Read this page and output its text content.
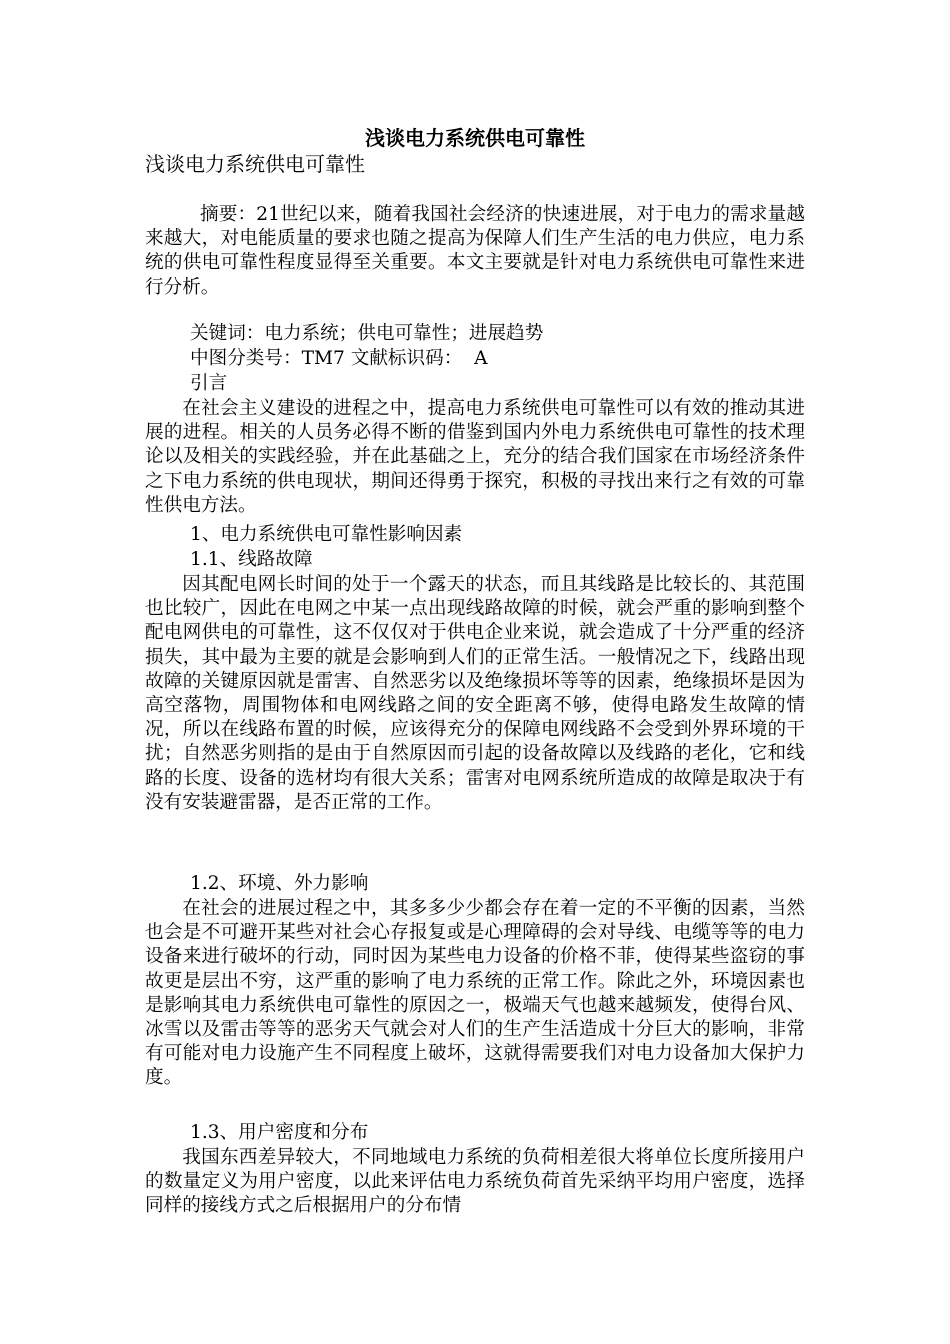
浅谈电力系统供电可靠性

浅谈电力系统供电可靠性

摘要：21世纪以来，随着我国社会经济的快速进展，对于电力的需求量越来越大，对电能质量的要求也随之提高为保障人们生产生活的电力供应，电力系统的供电可靠性程度显得至关重要。本文主要就是针对电力系统供电可靠性来进行分析。

关键词：电力系统；供电可靠性；进展趋势

中图分类号：TM7 文献标识码：  A

引言

在社会主义建设的进程之中，提高电力系统供电可靠性可以有效的推动其进展的进程。相关的人员务必得不断的借鉴到国内外电力系统供电可靠性的技术理论以及相关的实践经验，并在此基础之上，充分的结合我们国家在市场经济条件之下电力系统的供电现状，期间还得勇于探究，积极的寻找出来行之有效的可靠性供电方法。

1、电力系统供电可靠性影响因素

1.1、线路故障

因其配电网长时间的处于一个露天的状态，而且其线路是比较长的、其范围也比较广，因此在电网之中某一点出现线路故障的时候，就会严重的影响到整个配电网供电的可靠性，这不仅仅对于供电企业来说，就会造成了十分严重的经济损失，其中最为主要的就是会影响到人们的正常生活。一般情况之下，线路出现故障的关键原因就是雷害、自然恶劣以及绝缘损坏等等的因素，绝缘损坏是因为高空落物，周围物体和电网线路之间的安全距离不够，使得电路发生故障的情况，所以在线路布置的时候，应该得充分的保障电网线路不会受到外界环境的干扰；自然恶劣则指的是由于自然原因而引起的设备故障以及线路的老化，它和线路的长度、设备的选材均有很大关系；雷害对电网系统所造成的故障是取决于有没有安装避雷器，是否正常的工作。

1.2、环境、外力影响

在社会的进展过程之中，其多多少少都会存在着一定的不平衡的因素，当然也会是不可避开某些对社会心存报复或是心理障碍的会对导线、电缆等等的电力设备来进行破坏的行动，同时因为某些电力设备的价格不菲，使得某些盗窃的事故更是层出不穷，这严重的影响了电力系统的正常工作。除此之外，环境因素也是影响其电力系统供电可靠性的原因之一，极端天气也越来越频发，使得台风、冰雪以及雷击等等的恶劣天气就会对人们的生产生活造成十分巨大的影响，非常有可能对电力设施产生不同程度上破坏，这就得需要我们对电力设备加大保护力度。

1.3、用户密度和分布

我国东西差异较大，不同地域电力系统的负荷相差很大将单位长度所接用户的数量定义为用户密度，以此来评估电力系统负荷首先采纳平均用户密度，选择同样的接线方式之后根据用户的分布情
